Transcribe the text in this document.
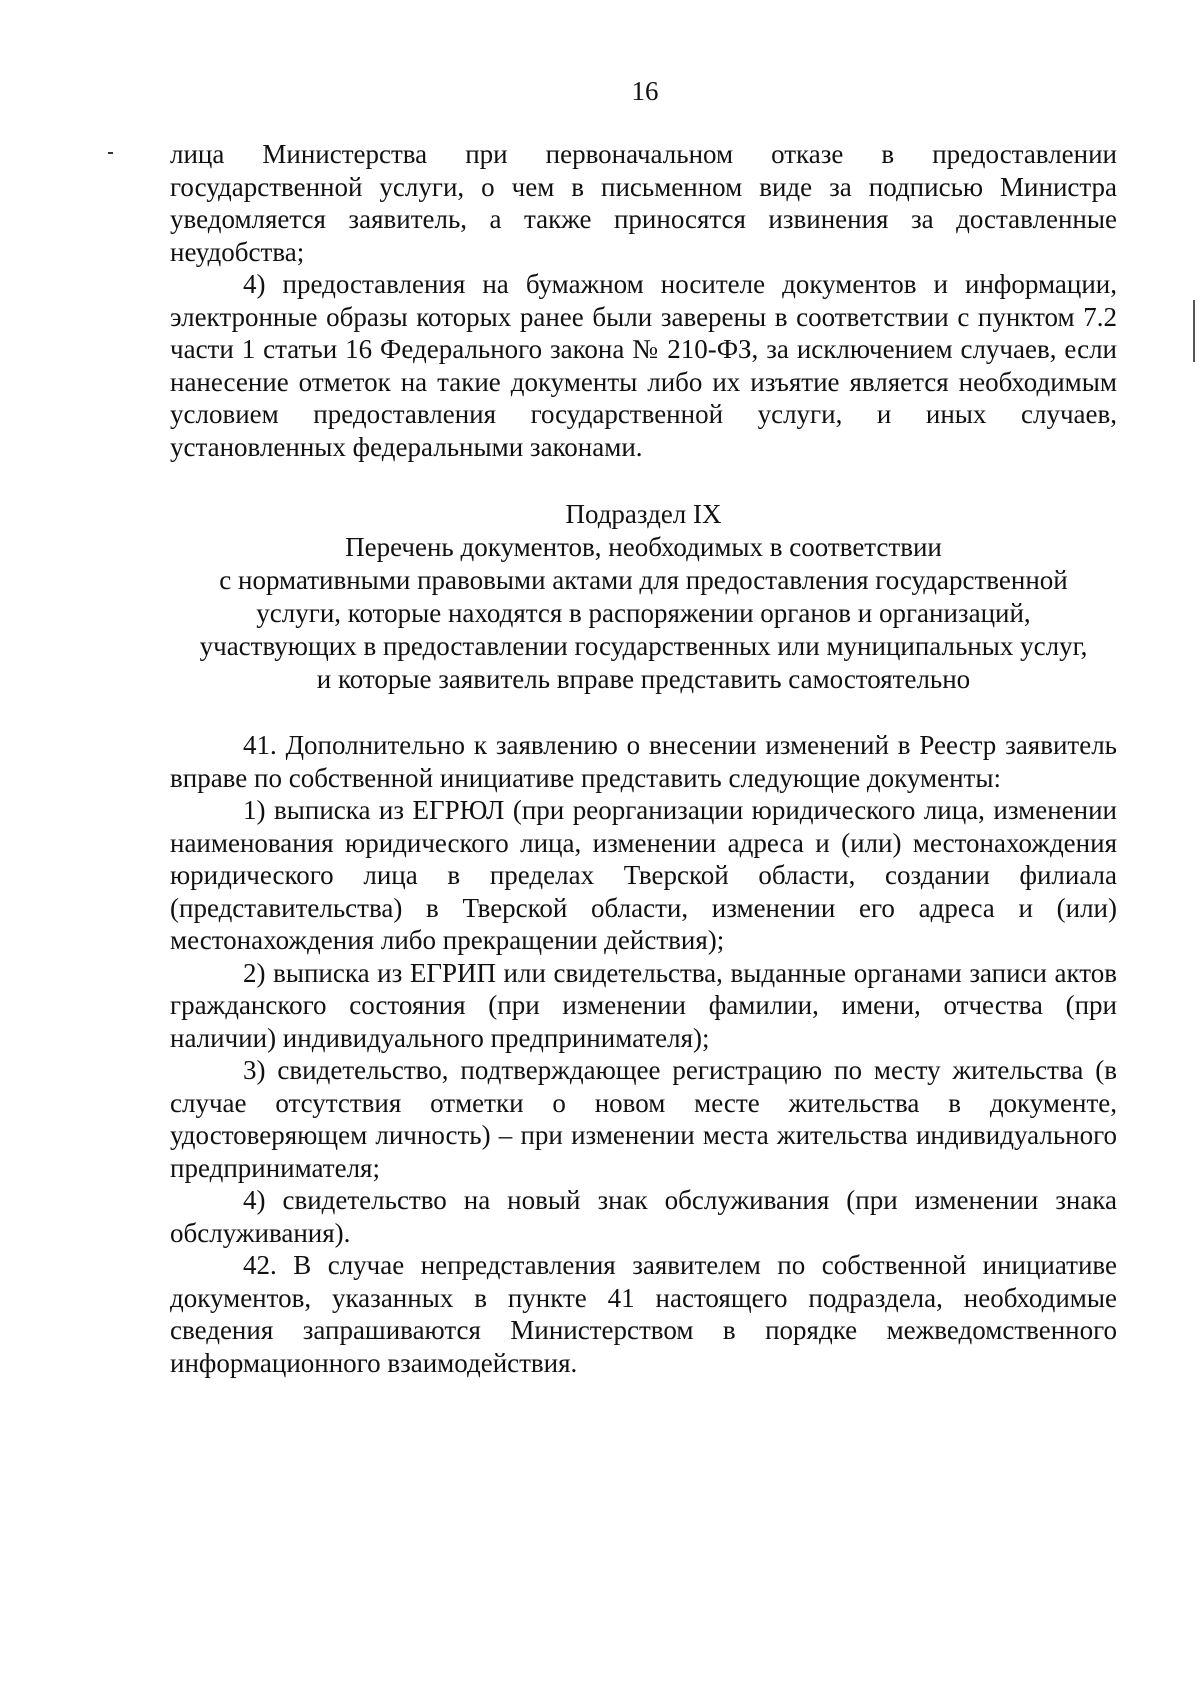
16

лица Министерства при первоначальном отказе в предоставлении государственной услуги, о чем в письменном виде за подписью Министра уведомляется заявитель, а также приносятся извинения за доставленные неудобства;

4) предоставления на бумажном носителе документов и информации, электронные образы которых ранее были заверены в соответствии с пунктом 7.2 части 1 статьи 16 Федерального закона № 210-ФЗ, за исключением случаев, если нанесение отметок на такие документы либо их изъятие является необходимым условием предоставления государственной услуги, и иных случаев, установленных федеральными законами.

Подраздел IX

Перечень документов, необходимых в соответствии

с нормативными правовыми актами для предоставления государственной

услуги, которые находятся в распоряжении органов и организаций,

участвующих в предоставлении государственных или муниципальных услуг,

и которые заявитель вправе представить самостоятельно

41. Дополнительно к заявлению о внесении изменений в Реестр заявитель вправе по собственной инициативе представить следующие документы:

1) выписка из ЕГРЮЛ (при реорганизации юридического лица, изменении наименования юридического лица, изменении адреса и (или) местонахождения юридического лица в пределах Тверской области, создании филиала (представительства) в Тверской области, изменении его адреса и (или) местонахождения либо прекращении действия);

2) выписка из ЕГРИП или свидетельства, выданные органами записи актов гражданского состояния (при изменении фамилии, имени, отчества (при наличии) индивидуального предпринимателя);

3) свидетельство, подтверждающее регистрацию по месту жительства (в случае отсутствия отметки о новом месте жительства в документе, удостоверяющем личность) – при изменении места жительства индивидуального предпринимателя;

4) свидетельство на новый знак обслуживания (при изменении знака обслуживания).

42. В случае непредставления заявителем по собственной инициативе документов, указанных в пункте 41 настоящего подраздела, необходимые сведения запрашиваются Министерством в порядке межведомственного информационного взаимодействия.
